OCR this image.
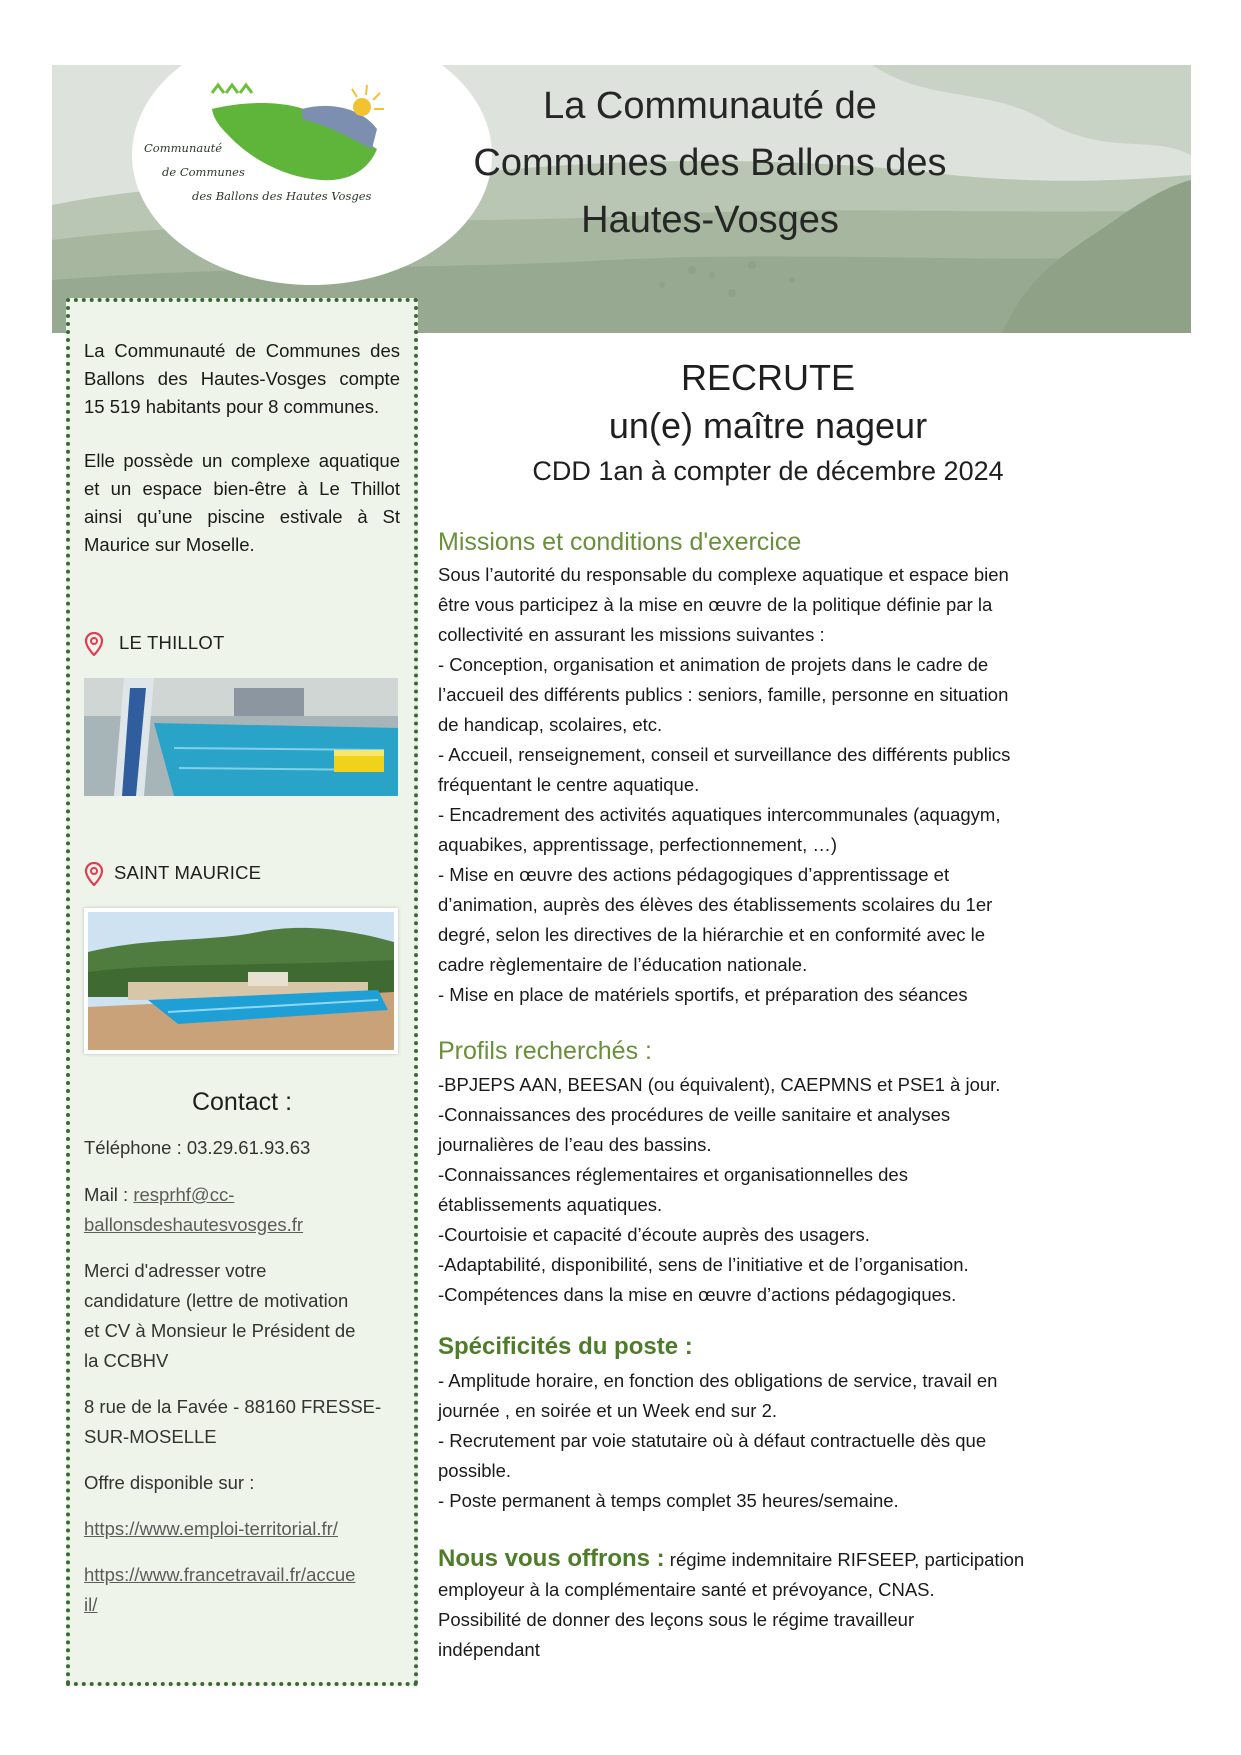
Communauté
de Communes
des Ballons des Hautes Vosges
La Communauté de
Communes des Ballons des
Hautes-Vosges

La Communauté de Communes des Ballons des Hautes-Vosges compte 15 519 habitants pour 8 communes.

Elle possède un complexe aquatique et un espace bien-être à Le Thillot ainsi qu’une piscine estivale à St Maurice sur Moselle.

LE THILLOT
SAINT MAURICE
Contact :
Téléphone : 03.29.61.93.63
Mail : resprhf@cc-
ballonsdeshautesvosges.fr
Merci d'adresser votre
candidature (lettre de motivation
et CV à Monsieur le Président de
la CCBHV
8 rue de la Favée - 88160 FRESSE-
SUR-MOSELLE
Offre disponible sur :
https://www.emploi-territorial.fr/
https://www.francetravail.fr/accue
il/
RECRUTE
un(e) maître nageur
CDD 1an à compter de décembre 2024
Missions et conditions d'exercice
Sous l’autorité du responsable du complexe aquatique et espace bien
être vous participez à la mise en œuvre de la politique définie par la
collectivité en assurant les missions suivantes :
- Conception, organisation et animation de projets dans le cadre de
l’accueil des différents publics : seniors, famille, personne en situation
de handicap, scolaires, etc.
- Accueil, renseignement, conseil et surveillance des différents publics
fréquentant le centre aquatique.
- Encadrement des activités aquatiques intercommunales (aquagym,
aquabikes, apprentissage, perfectionnement, …)
- Mise en œuvre des actions pédagogiques d’apprentissage et
d’animation, auprès des élèves des établissements scolaires du 1er
degré, selon les directives de la hiérarchie et en conformité avec le
cadre règlementaire de l’éducation nationale.
- Mise en place de matériels sportifs, et préparation des séances
Profils recherchés :
-BPJEPS AAN, BEESAN (ou équivalent), CAEPMNS et PSE1 à jour.
-Connaissances des procédures de veille sanitaire et analyses
journalières de l’eau des bassins.
-Connaissances réglementaires et organisationnelles des
établissements aquatiques.
-Courtoisie et capacité d’écoute auprès des usagers.
-Adaptabilité, disponibilité, sens de l’initiative et de l’organisation.
-Compétences dans la mise en œuvre d’actions pédagogiques.
Spécificités du poste :
- Amplitude horaire, en fonction des obligations de service, travail en
journée , en soirée et un Week end sur 2.
- Recrutement par voie statutaire où à défaut contractuelle dès que
possible.
- Poste permanent à temps complet 35 heures/semaine.
Nous vous offrons : régime indemnitaire RIFSEEP, participation
employeur à la complémentaire santé et prévoyance, CNAS.
Possibilité de donner des leçons sous le régime travailleur
indépendant
